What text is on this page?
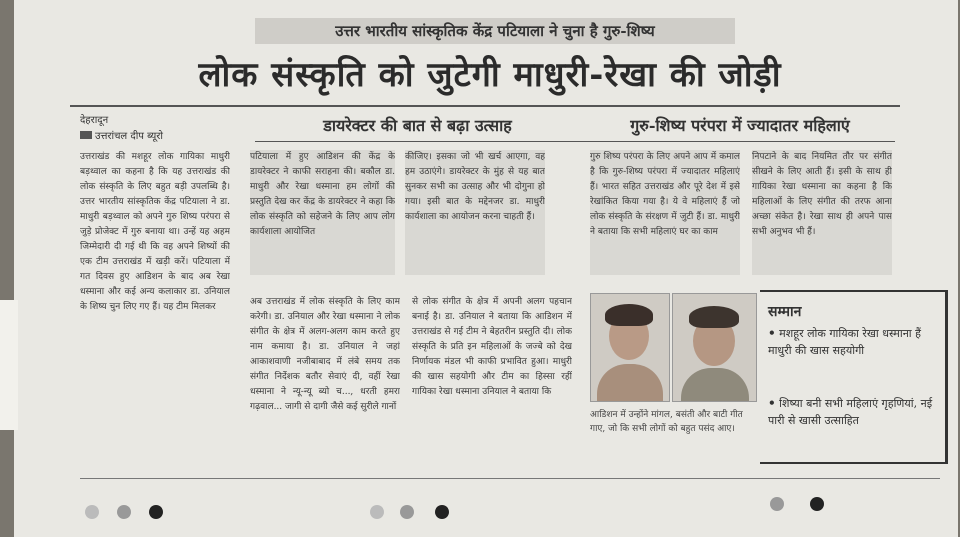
उत्तर भारतीय सांस्कृतिक केंद्र पटियाला ने चुना है गुरु-शिष्य
लोक संस्कृति को जुटेगी माधुरी-रेखा की जोड़ी
देहरादून
उत्तरांचल दीप ब्यूरो
डायरेक्टर की बात से बढ़ा उत्साह	गुरु-शिष्य परंपरा में ज्यादातर महिलाएं
उत्तराखंड की मशहूर लोक गायिका माधुरी बड़थ्वाल का कहना है कि यह उत्तराखंड की लोक संस्कृति के लिए बहुत बड़ी उपलब्धि है। उत्तर भारतीय सांस्कृतिक केंद्र पटियाला ने डा. माधुरी बड़थ्वाल को अपने गुरु शिष्य परंपरा से जुड़े प्रोजेक्ट में गुरु बनाया था। उन्हें यह अहम जिम्मेदारी दी गई थी कि वह अपने शिष्यों की एक टीम उत्तराखंड में खड़ी करें। पटियाला में गत दिवस हुए आडिशन के बाद अब रेखा धस्माना और कई अन्य कलाकार डा. उनियाल के शिष्य चुन लिए गए हैं। यह टीम मिलकर
पटियाला में हुए आडिशन की केंद्र के डायरेक्टर ने काफी सराहना की। बकौल डा. माधुरी और रेखा धस्माना हम लोगों की प्रस्तुति देख कर केंद्र के डायरेक्टर ने कहा कि लोक संस्कृति को सहेजने के लिए आप लोग कार्यशाला आयोजित
कीजिए। इसका जो भी खर्च आएगा, वह हम उठाएंगे। डायरेक्टर के मुंह से यह बात सुनकर सभी का उत्साह और भी दोगुना हो गया। इसी बात के मद्देनजर डा. माधुरी कार्यशाला का आयोजन करना चाहती हैं।
अब उत्तराखंड में लोक संस्कृति के लिए काम करेगी। डा. उनियाल और रेखा धस्माना ने लोक संगीत के क्षेत्र में अलग-अलग काम करते हुए नाम कमाया है। डा. उनियाल ने जहां आकाशवाणी नजीबाबाद में लंबे समय तक संगीत निर्देशक बतौर सेवाएं दी, वहीं रेखा धस्माना ने न्यू-न्यू ब्यो च..., धरती हमरा गढ़वाल... जागी से दागी जैसे कई सुरीले गानों
से लोक संगीत के क्षेत्र में अपनी अलग पहचान बनाई है। डा. उनियाल ने बताया कि आडिशन में उत्तराखंड से गई टीम ने बेहतरीन प्रस्तुति दी। लोक संस्कृति के प्रति इन महिलाओं के जज्बे को देख निर्णायक मंडल भी काफी प्रभावित हुआ। माधुरी की खास सहयोगी और टीम का हिस्सा रहीं गायिका रेखा धस्माना उनियाल ने बताया कि
गुरु शिष्य परंपरा के लिए अपने आप में कमाल है कि गुरु-शिष्य परंपरा में ज्यादातर महिलाएं हैं। भारत सहित उत्तराखंड और पूरे देश में इसे रेखांकित किया गया है। ये वे महिलाएं हैं जो लोक संस्कृति के संरक्षण में जुटी हैं। डा. माधुरी ने बताया कि सभी महिलाएं घर का काम
निपटाने के बाद नियमित तौर पर संगीत सीखने के लिए आती हैं। इसी के साथ ही गायिका रेखा धस्माना का कहना है कि महिलाओं के लिए संगीत की तरफ आना अच्छा संकेत है। रेखा साथ ही अपने पास सभी अनुभव भी हैं।
आडिशन में उन्होंने मांगल, बसंती और बाटी गीत गाए, जो कि सभी लोगों को बहुत पसंद आए।
सम्मान
• मशहूर लोक गायिका रेखा धस्माना हैं माधुरी की खास सहयोगी
• शिष्या बनी सभी महिलाएं गृहणियां, नई पारी से खासी उत्साहित
